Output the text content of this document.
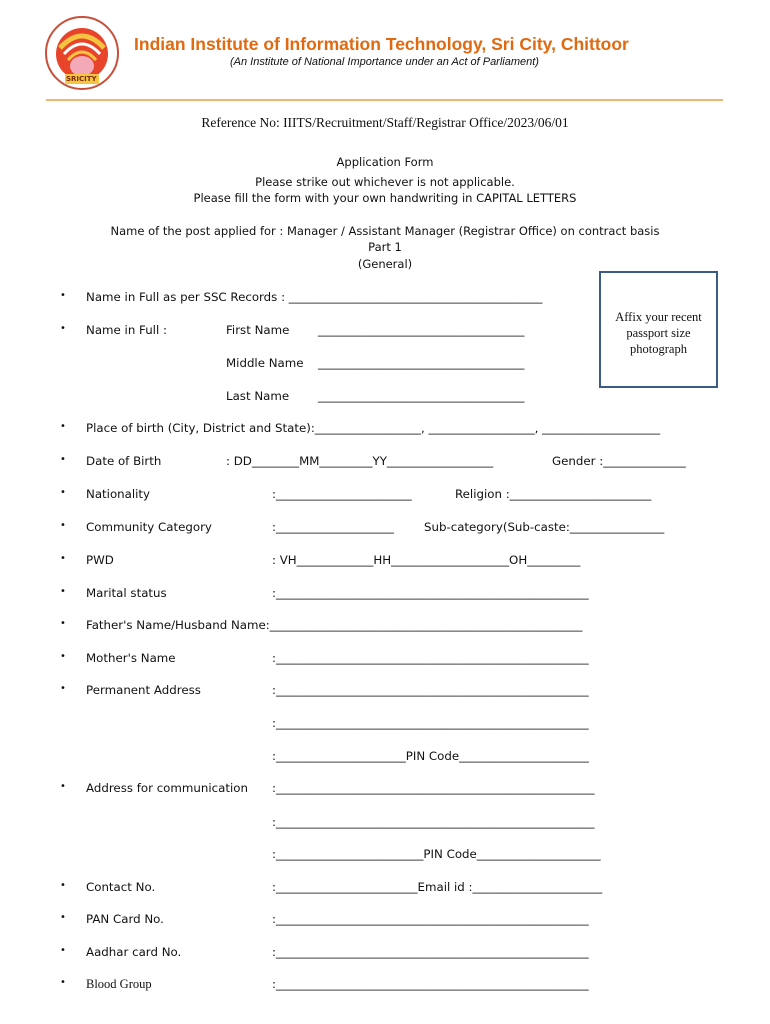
SRICITY
Indian Institute of Information Technology, Sri City, Chittoor
(An Institute of National Importance under an Act of Parliament)
Reference No: IIITS/Recruitment/Staff/Registrar Office/2023/06/01
Application Form
Please strike out whichever is not applicable.
Please fill the form with your own handwriting in CAPITAL LETTERS
Name of the post applied for : Manager / Assistant Manager (Registrar Office) on contract basis
Part 1
(General)
Affix your recent
passport size
photograph
• Name in Full as per SSC Records : ___________________________________________
• Name in Full :	First Name ___________________________________
Middle Name ___________________________________
Last Name ___________________________________
• Place of birth (City, District and State):__________________, __________________, ____________________
• Date of Birth	: DD________MM_________YY__________________	Gender :______________
• Nationality	:_______________________	Religion :________________________
• Community Category	:____________________	Sub-category(Sub-caste:________________
• PWD	: VH_____________HH____________________OH_________
• Marital status	:_____________________________________________________
• Father's Name/Husband Name:_____________________________________________________
• Mother's Name	:_____________________________________________________
• Permanent Address	:_____________________________________________________
:_____________________________________________________
:______________________PIN Code______________________
• Address for communication :______________________________________________________
:______________________________________________________
:_________________________PIN Code_____________________
• Contact No.	:________________________Email id :______________________
• PAN Card No.	:_____________________________________________________
• Aadhar card No.	:_____________________________________________________
• Blood Group	:_____________________________________________________
